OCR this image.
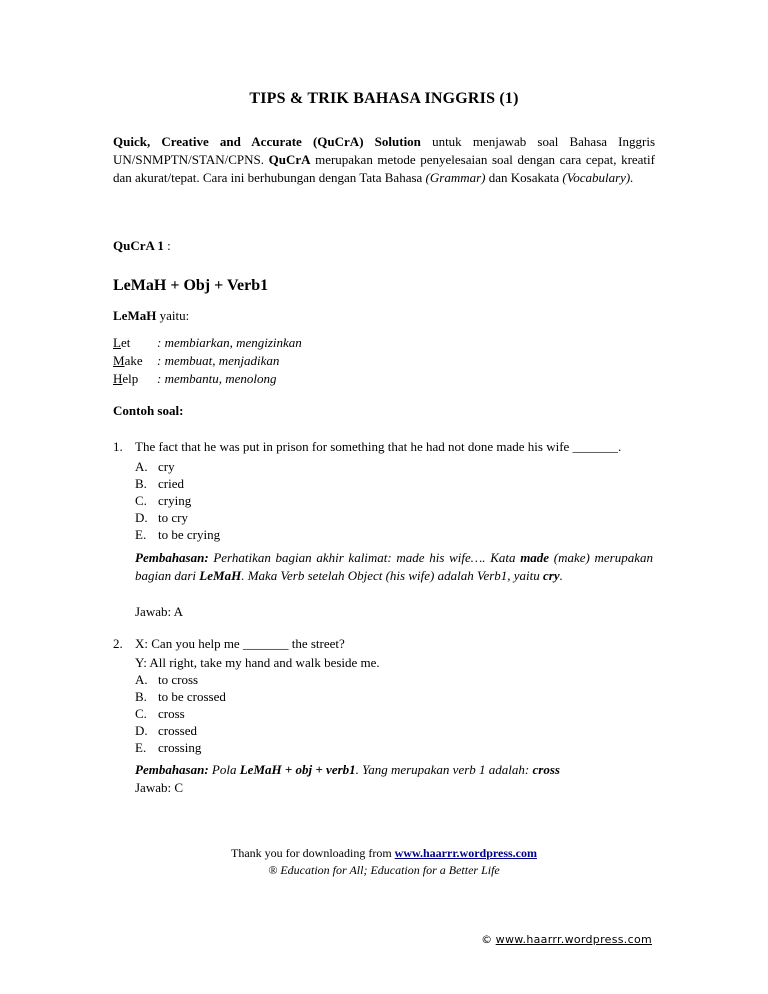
TIPS & TRIK BAHASA INGGRIS (1)
Quick, Creative and Accurate (QuCrA) Solution untuk menjawab soal Bahasa Inggris UN/SNMPTN/STAN/CPNS. QuCrA merupakan metode penyelesaian soal dengan cara cepat, kreatif dan akurat/tepat. Cara ini berhubungan dengan Tata Bahasa (Grammar) dan Kosakata (Vocabulary).
QuCrA 1 :
LeMaH + Obj + Verb1
LeMaH yaitu:
Let	: membiarkan, mengizinkan
Make	: membuat, menjadikan
Help	: membantu, menolong
Contoh soal:
1. The fact that he was put in prison for something that he had not done made his wife _______.
A. cry
B. cried
C. crying
D. to cry
E. to be crying
Pembahasan: Perhatikan bagian akhir kalimat: made his wife…. Kata made (make) merupakan bagian dari LeMaH. Maka Verb setelah Object (his wife) adalah Verb1, yaitu cry.
Jawab: A
2. X: Can you help me _______ the street?
Y: All right, take my hand and walk beside me.
A. to cross
B. to be crossed
C. cross
D. crossed
E. crossing
Pembahasan: Pola LeMaH + obj + verb1. Yang merupakan verb 1 adalah: cross
Jawab: C
Thank you for downloading from www.haarrr.wordpress.com
® Education for All; Education for a Better Life
© www.haarrr.wordpress.com
